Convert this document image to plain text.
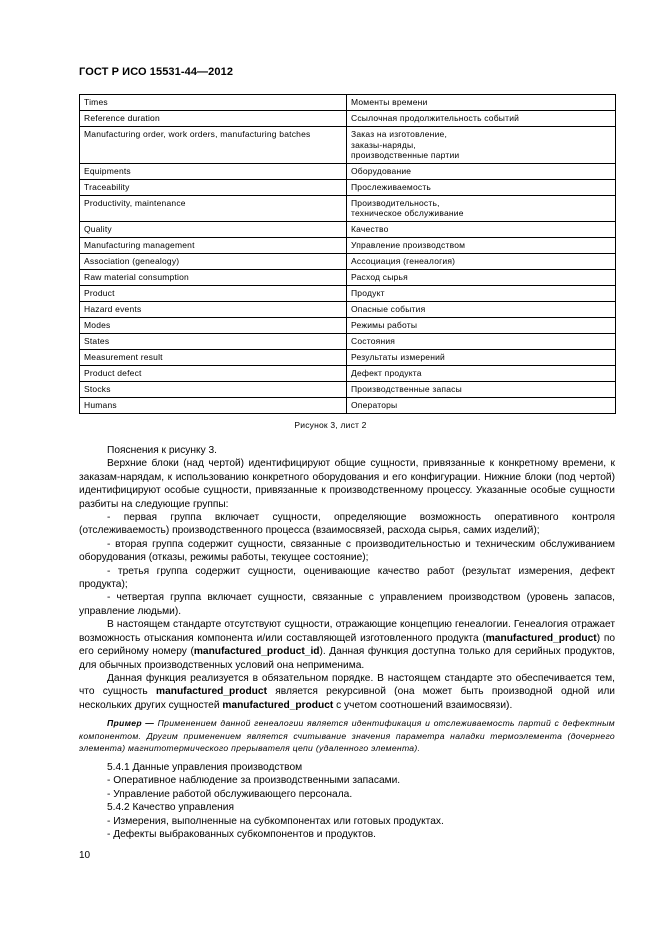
ГОСТ Р ИСО 15531-44—2012
Times	Моменты времени
Reference duration	Ссылочная продолжительность событий
Manufacturing order, work orders, manufacturing batches	Заказ на изготовление,
заказы-наряды,
производственные партии
Equipments	Оборудование
Traceability	Прослеживаемость
Productivity, maintenance	Производительность,
техническое обслуживание
Quality	Качество
Manufacturing management	Управление производством
Association (genealogy)	Ассоциация (генеалогия)
Raw material consumption	Расход сырья
Product	Продукт
Hazard events	Опасные события
Modes	Режимы работы
States	Состояния
Measurement result	Результаты измерений
Product defect	Дефект продукта
Stocks	Производственные запасы
Humans	Операторы
Рисунок 3, лист 2

Пояснения к рисунку 3.

Верхние блоки (над чертой) идентифицируют общие сущности, привязанные к конкретному времени, к заказам-нарядам, к использованию конкретного оборудования и его конфигурации. Нижние блоки (под чертой) идентифицируют особые сущности, привязанные к производственному процессу. Указанные особые сущности разбиты на следующие группы:

- первая группа включает сущности, определяющие возможность оперативного контроля (отслеживаемость) производственного процесса (взаимосвязей, расхода сырья, самих изделий);

- вторая группа содержит сущности, связанные с производительностью и техническим обслуживанием оборудования (отказы, режимы работы, текущее состояние);

- третья группа содержит сущности, оценивающие качество работ (результат измерения, дефект продукта);

- четвертая группа включает сущности, связанные с управлением производством (уровень запасов, управление людьми).

В настоящем стандарте отсутствуют сущности, отражающие концепцию генеалогии. Генеалогия отражает возможность отыскания компонента и/или составляющей изготовленного продукта (manufactured_product) по его серийному номеру (manufactured_product_id). Данная функция доступна только для серийных продуктов, для обычных производственных условий она неприменима.

Данная функция реализуется в обязательном порядке. В настоящем стандарте это обеспечивается тем, что сущность manufactured_product является рекурсивной (она может быть производной одной или нескольких других сущностей manufactured_product с учетом соотношений взаимосвязи).

Пример — Применением данной генеалогии является идентификация и отслеживаемость партий с дефектным компонентом. Другим применением является считывание значения параметра наладки термоэлемента (дочернего элемента) магнитотермического прерывателя цепи (удаленного элемента).

5.4.1 Данные управления производством

- Оперативное наблюдение за производственными запасами.

- Управление работой обслуживающего персонала.

5.4.2 Качество управления

- Измерения, выполненные на субкомпонентах или готовых продуктах.

- Дефекты выбракованных субкомпонентов и продуктов.

10
